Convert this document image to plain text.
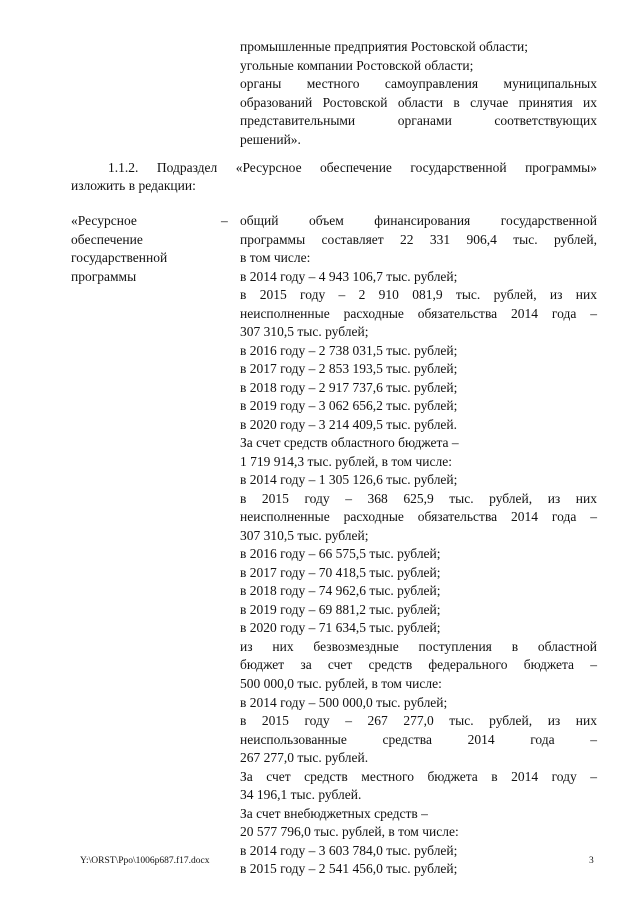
промышленные предприятия Ростовской области;
угольные компании Ростовской области;
органы местного самоуправления муниципальных
образований Ростовской области в случае принятия их
представительными органами соответствующих
решений».
1.1.2. Подраздел «Ресурсное обеспечение государственной программы»
изложить в редакции:
«Ресурсное
обеспечение
государственной
программы
– общий объем финансирования государственной
программы составляет 22 331 906,4 тыс. рублей,
в том числе:
в 2014 году – 4 943 106,7 тыс. рублей;
в 2015 году – 2 910 081,9 тыс. рублей, из них
неисполненные расходные обязательства 2014 года –
307 310,5 тыс. рублей;
в 2016 году – 2 738 031,5 тыс. рублей;
в 2017 году – 2 853 193,5 тыс. рублей;
в 2018 году – 2 917 737,6 тыс. рублей;
в 2019 году – 3 062 656,2 тыс. рублей;
в 2020 году – 3 214 409,5 тыс. рублей.
За счет средств областного бюджета –
1 719 914,3 тыс. рублей, в том числе:
в 2014 году – 1 305 126,6 тыс. рублей;
в 2015 году – 368 625,9 тыс. рублей, из них
неисполненные расходные обязательства 2014 года –
307 310,5 тыс. рублей;
в 2016 году – 66 575,5 тыс. рублей;
в 2017 году – 70 418,5 тыс. рублей;
в 2018 году – 74 962,6 тыс. рублей;
в 2019 году – 69 881,2 тыс. рублей;
в 2020 году – 71 634,5 тыс. рублей;
из них безвозмездные поступления в областной
бюджет за счет средств федерального бюджета –
500 000,0 тыс. рублей, в том числе:
в 2014 году – 500 000,0 тыс. рублей;
в 2015 году – 267 277,0 тыс. рублей, из них
неиспользованные средства 2014 года –
267 277,0 тыс. рублей.
За счет средств местного бюджета в 2014 году –
34 196,1 тыс. рублей.
За счет внебюджетных средств –
20 577 796,0 тыс. рублей, в том числе:
в 2014 году – 3 603 784,0 тыс. рублей;
в 2015 году – 2 541 456,0 тыс. рублей;
Y:\ORST\Ppo\1006p687.f17.docx	3
